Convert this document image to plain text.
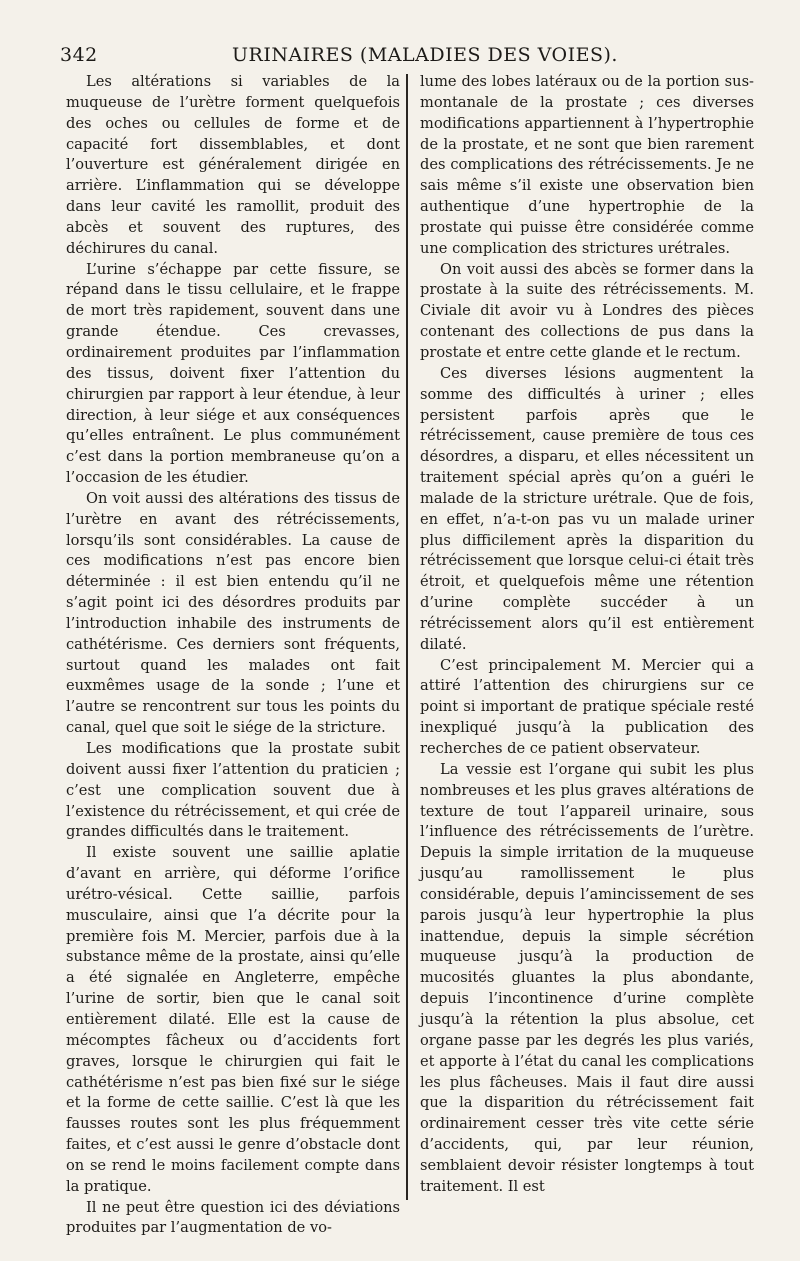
342	URINAIRES (MALADIES DES VOIES).

Les altérations si variables de la muqueuse de l’urètre forment quelquefois des oches ou cellules de forme et de capacité fort dissemblables, et dont l’ouverture est généralement dirigée en arrière. L’inflammation qui se développe dans leur cavité les ramollit, produit des abcès et souvent des ruptures, des déchirures du canal.

L’urine s’échappe par cette fissure, se répand dans le tissu cellulaire, et le frappe de mort très rapidement, souvent dans une grande étendue. Ces crevasses, ordinairement produites par l’inflammation des tissus, doivent fixer l’attention du chirurgien par rapport à leur étendue, à leur direction, à leur siége et aux conséquences qu’elles entraînent. Le plus communément c’est dans la portion membraneuse qu’on a l’occasion de les étudier.

On voit aussi des altérations des tissus de l’urètre en avant des rétrécissements, lorsqu’ils sont considérables. La cause de ces modifications n’est pas encore bien déterminée : il est bien entendu qu’il ne s’agit point ici des désordres produits par l’introduction inhabile des instruments de cathétérisme. Ces derniers sont fréquents, surtout quand les malades ont fait euxmêmes usage de la sonde ; l’une et l’autre se rencontrent sur tous les points du canal, quel que soit le siége de la stricture.

Les modifications que la prostate subit doivent aussi fixer l’attention du praticien ; c’est une complication souvent due à l’existence du rétrécissement, et qui crée de grandes difficultés dans le traitement.

Il existe souvent une saillie aplatie d’avant en arrière, qui déforme l’orifice urétro-vésical. Cette saillie, parfois musculaire, ainsi que l’a décrite pour la première fois M. Mercier, parfois due à la substance même de la prostate, ainsi qu’elle a été signalée en Angleterre, empêche l’urine de sortir, bien que le canal soit entièrement dilaté. Elle est la cause de mécomptes fâcheux ou d’accidents fort graves, lorsque le chirurgien qui fait le cathétérisme n’est pas bien fixé sur le siége et la forme de cette saillie. C’est là que les fausses routes sont les plus fréquemment faites, et c’est aussi le genre d’obstacle dont on se rend le moins facilement compte dans la pratique.

Il ne peut être question ici des déviations produites par l’augmentation de vo-

lume des lobes latéraux ou de la portion sus-montanale de la prostate ; ces diverses modifications appartiennent à l’hypertrophie de la prostate, et ne sont que bien rarement des complications des rétrécissements. Je ne sais même s’il existe une observation bien authentique d’une hypertrophie de la prostate qui puisse être considérée comme une complication des strictures urétrales.

On voit aussi des abcès se former dans la prostate à la suite des rétrécissements. M. Civiale dit avoir vu à Londres des pièces contenant des collections de pus dans la prostate et entre cette glande et le rectum.

Ces diverses lésions augmentent la somme des difficultés à uriner ; elles persistent parfois après que le rétrécissement, cause première de tous ces désordres, a disparu, et elles nécessitent un traitement spécial après qu’on a guéri le malade de la stricture urétrale. Que de fois, en effet, n’a-t-on pas vu un malade uriner plus difficilement après la disparition du rétrécissement que lorsque celui-ci était très étroit, et quelquefois même une rétention d’urine complète succéder à un rétrécissement alors qu’il est entièrement dilaté.

C’est principalement M. Mercier qui a attiré l’attention des chirurgiens sur ce point si important de pratique spéciale resté inexpliqué jusqu’à la publication des recherches de ce patient observateur.

La vessie est l’organe qui subit les plus nombreuses et les plus graves altérations de texture de tout l’appareil urinaire, sous l’influence des rétrécissements de l’urètre. Depuis la simple irritation de la muqueuse jusqu’au ramollissement le plus considérable, depuis l’amincissement de ses parois jusqu’à leur hypertrophie la plus inattendue, depuis la simple sécrétion muqueuse jusqu’à la production de mucosités gluantes la plus abondante, depuis l’incontinence d’urine complète jusqu’à la rétention la plus absolue, cet organe passe par les degrés les plus variés, et apporte à l’état du canal les complications les plus fâcheuses. Mais il faut dire aussi que la disparition du rétrécissement fait ordinairement cesser très vite cette série d’accidents, qui, par leur réunion, semblaient devoir résister longtemps à tout traitement. Il est
